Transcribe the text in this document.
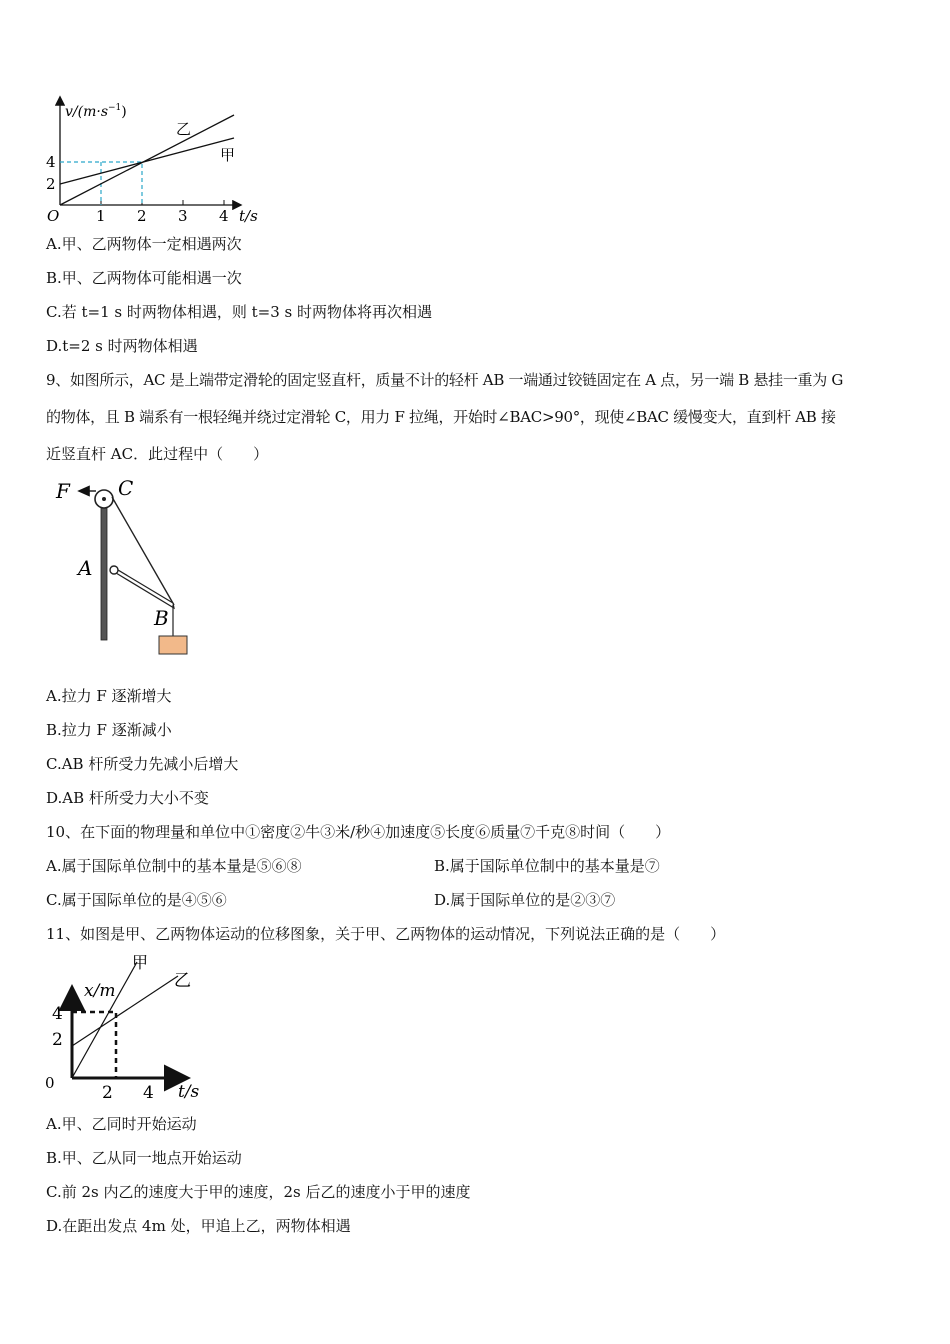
$v/(m\cdot s^{-1})$
O
4
2
1 2 3 4 t/s
乙
甲
A.甲、乙两物体一定相遇两次
B.甲、乙两物体可能相遇一次
C.若 t=1 s 时两物体相遇，则 t=3 s 时两物体将再次相遇
D.t=2 s 时两物体相遇
9、如图所示，AC 是上端带定滑轮的固定竖直杆，质量不计的轻杆 AB 一端通过铰链固定在 A 点，另一端 B 悬挂一重为 G
的物体，且 B 端系有一根轻绳并绕过定滑轮 C，用力 F 拉绳，开始时∠BAC>90°，现使∠BAC 缓慢变大，直到杆 AB 接
近竖直杆 AC．此过程中（　　）
F C
A
B
A.拉力 F 逐渐增大
B.拉力 F 逐渐减小
C.AB 杆所受力先减小后增大
D.AB 杆所受力大小不变
10、在下面的物理量和单位中①密度②牛③米/秒④加速度⑤长度⑥质量⑦千克⑧时间（　　）
A.属于国际单位制中的基本量是⑤⑥⑧	B.属于国际单位制中的基本量是⑦
C.属于国际单位的是④⑤⑥	D.属于国际单位的是②③⑦
11、如图是甲、乙两物体运动的位移图象，关于甲、乙两物体的运动情况，下列说法正确的是（　　）
x/m
0
4
2
2 4 t/s
甲
乙
A.甲、乙同时开始运动
B.甲、乙从同一地点开始运动
C.前 2s 内乙的速度大于甲的速度，2s 后乙的速度小于甲的速度
D.在距出发点 4m 处，甲追上乙，两物体相遇
